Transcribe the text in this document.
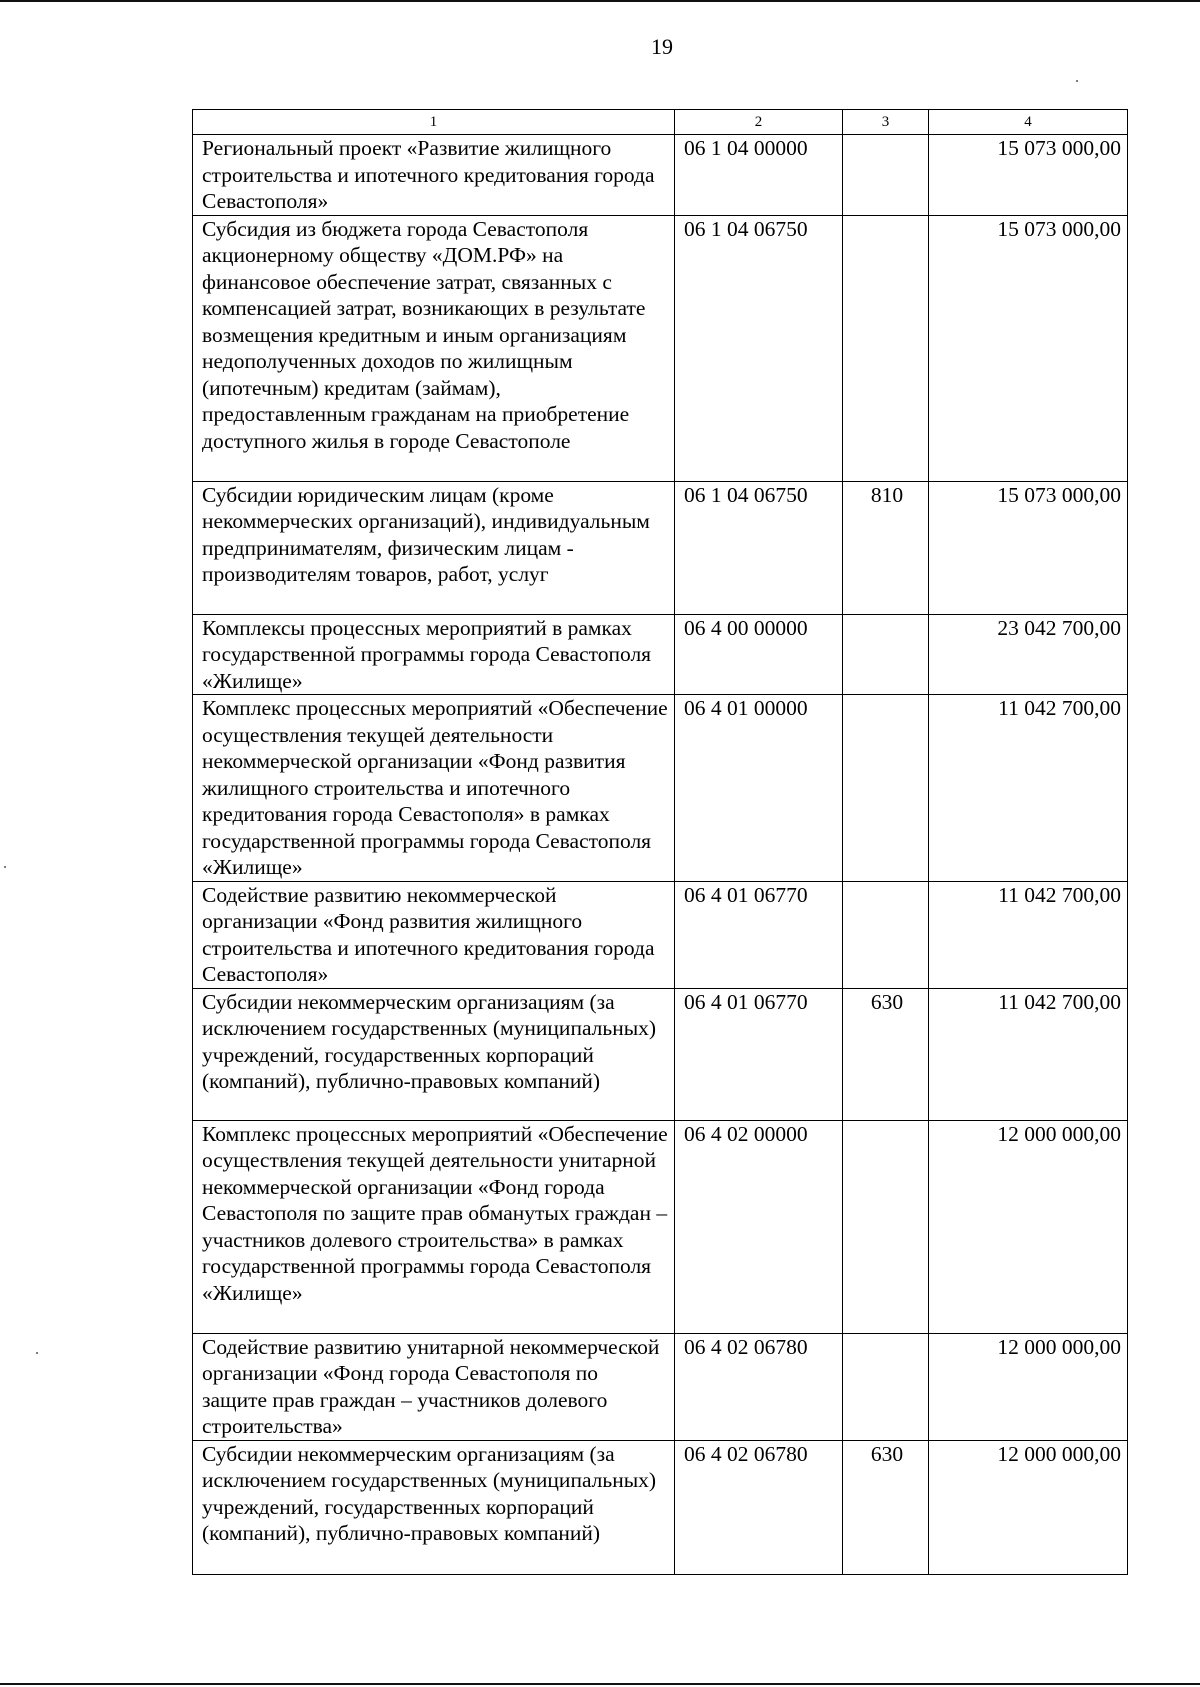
19
1	2	3	4
Региональный проект «Развитие жилищного строительства и ипотечного кредитования города Севастополя»	06 1 04 00000		15 073 000,00
Субсидия из бюджета города Севастополя акционерному обществу «ДОМ.РФ» на финансовое обеспечение затрат, связанных с компенсацией затрат, возникающих в результате возмещения кредитным и иным организациям недополученных доходов по жилищным (ипотечным) кредитам (займам), предоставленным гражданам на приобретение доступного жилья в городе Севастополе	06 1 04 06750		15 073 000,00
Субсидии юридическим лицам (кроме некоммерческих организаций), индивидуальным предпринимателям, физическим лицам - производителям товаров, работ, услуг	06 1 04 06750	810	15 073 000,00
Комплексы процессных мероприятий в рамках государственной программы города Севастополя «Жилище»	06 4 00 00000		23 042 700,00
Комплекс процессных мероприятий «Обеспечение осуществления текущей деятельности некоммерческой организации «Фонд развития жилищного строительства и ипотечного кредитования города Севастополя» в рамках государственной программы города Севастополя «Жилище»	06 4 01 00000		11 042 700,00
Содействие развитию некоммерческой организации «Фонд развития жилищного строительства и ипотечного кредитования города Севастополя»	06 4 01 06770		11 042 700,00
Субсидии некоммерческим организациям (за исключением государственных (муниципальных) учреждений, государственных корпораций (компаний), публично-правовых компаний)	06 4 01 06770	630	11 042 700,00
Комплекс процессных мероприятий «Обеспечение осуществления текущей деятельности унитарной некоммерческой организации «Фонд города Севастополя по защите прав обманутых граждан – участников долевого строительства» в рамках государственной программы города Севастополя «Жилище»	06 4 02 00000		12 000 000,00
Содействие развитию унитарной некоммерческой организации «Фонд города Севастополя по защите прав граждан – участников долевого строительства»	06 4 02 06780		12 000 000,00
Субсидии некоммерческим организациям (за исключением государственных (муниципальных) учреждений, государственных корпораций (компаний), публично-правовых компаний)	06 4 02 06780	630	12 000 000,00
